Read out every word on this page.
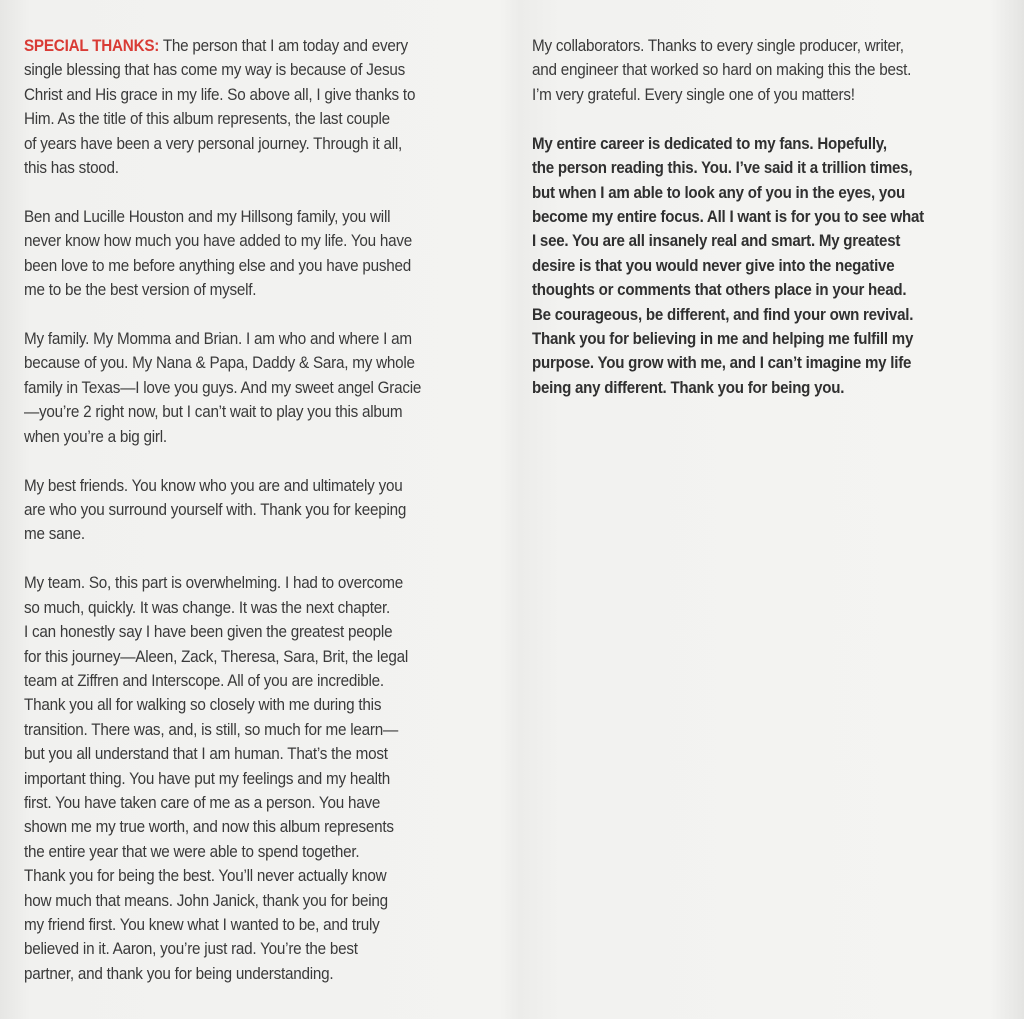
SPECIAL THANKS: The person that I am today and every
single blessing that has come my way is because of Jesus
Christ and His grace in my life. So above all, I give thanks to
Him. As the title of this album represents, the last couple
of years have been a very personal journey. Through it all,
this has stood.

Ben and Lucille Houston and my Hillsong family, you will
never know how much you have added to my life. You have
been love to me before anything else and you have pushed
me to be the best version of myself.

My family. My Momma and Brian. I am who and where I am
because of you. My Nana & Papa, Daddy & Sara, my whole
family in Texas—I love you guys. And my sweet angel Gracie
—you’re 2 right now, but I can’t wait to play you this album
when you’re a big girl.

My best friends. You know who you are and ultimately you
are who you surround yourself with. Thank you for keeping
me sane.

My team. So, this part is overwhelming. I had to overcome
so much, quickly. It was change. It was the next chapter.
I can honestly say I have been given the greatest people
for this journey—Aleen, Zack, Theresa, Sara, Brit, the legal
team at Ziffren and Interscope. All of you are incredible.
Thank you all for walking so closely with me during this
transition. There was, and, is still, so much for me learn—
but you all understand that I am human. That’s the most
important thing. You have put my feelings and my health
first. You have taken care of me as a person. You have
shown me my true worth, and now this album represents
the entire year that we were able to spend together.
Thank you for being the best. You’ll never actually know
how much that means. John Janick, thank you for being
my friend first. You knew what I wanted to be, and truly
believed in it. Aaron, you’re just rad. You’re the best
partner, and thank you for being understanding.

My collaborators. Thanks to every single producer, writer,
and engineer that worked so hard on making this the best.
I’m very grateful. Every single one of you matters!

My entire career is dedicated to my fans. Hopefully,
the person reading this. You. I’ve said it a trillion times,
but when I am able to look any of you in the eyes, you
become my entire focus. All I want is for you to see what
I see. You are all insanely real and smart. My greatest
desire is that you would never give into the negative
thoughts or comments that others place in your head.
Be courageous, be different, and find your own revival.
Thank you for believing in me and helping me fulfill my
purpose. You grow with me, and I can’t imagine my life
being any different. Thank you for being you.
